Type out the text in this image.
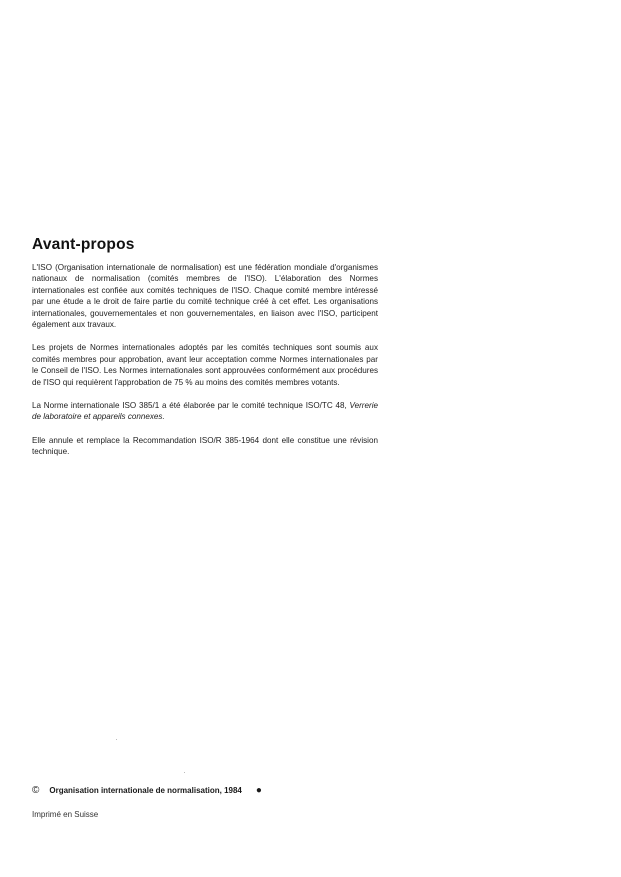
Avant-propos

L'ISO (Organisation internationale de normalisation) est une fédération mondiale d'organismes nationaux de normalisation (comités membres de l'ISO). L'élaboration des Normes internationales est confiée aux comités techniques de l'ISO. Chaque comité membre intéressé par une étude a le droit de faire partie du comité technique créé à cet effet. Les organisations internationales, gouvernementales et non gouvernementales, en liaison avec l'ISO, participent également aux travaux.

Les projets de Normes internationales adoptés par les comités techniques sont soumis aux comités membres pour approbation, avant leur acceptation comme Normes internationales par le Conseil de l'ISO. Les Normes internationales sont approuvées conformément aux procédures de l'ISO qui requièrent l'approbation de 75 % au moins des comités membres votants.

La Norme internationale ISO 385/1 a été élaborée par le comité technique ISO/TC 48, Verrerie de laboratoire et appareils connexes.

Elle annule et remplace la Recommandation ISO/R 385-1964 dont elle constitue une révision technique.

© Organisation internationale de normalisation, 1984 ●
Imprimé en Suisse
